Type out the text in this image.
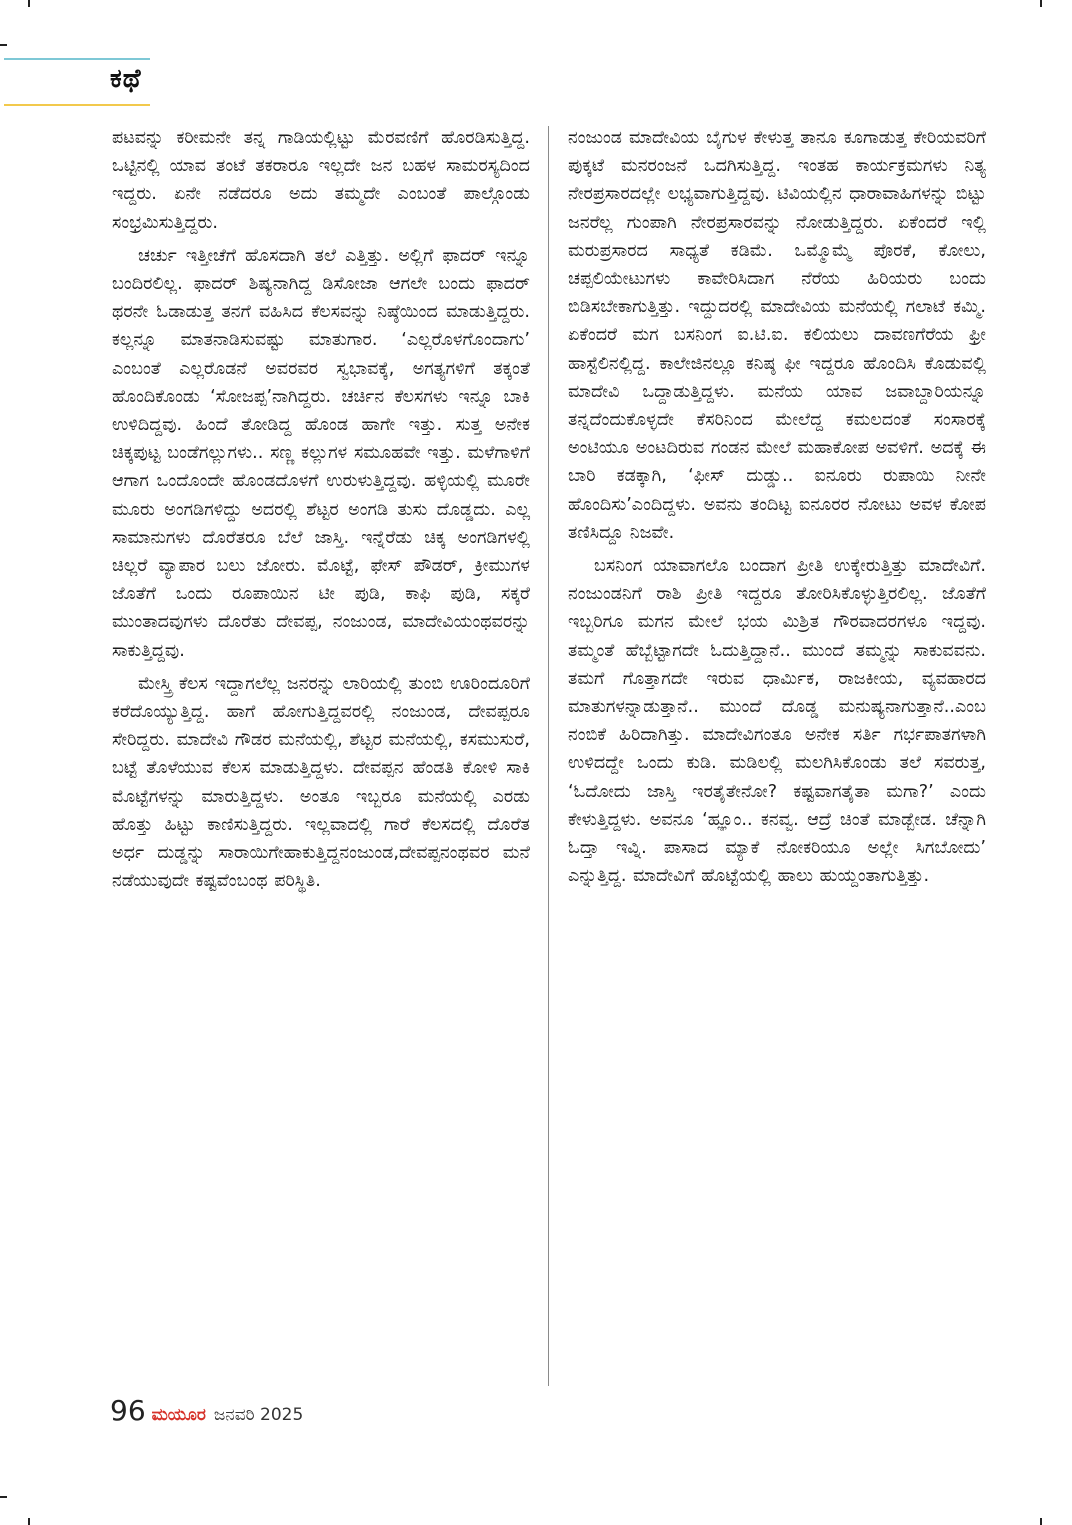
ಕಥೆ

ಪಟವನ್ನು ಕರೀಮನೇ ತನ್ನ ಗಾಡಿಯಲ್ಲಿಟ್ಟು ಮೆರವಣಿಗೆ ಹೊರಡಿಸುತ್ತಿದ್ದ. ಒಟ್ಟಿನಲ್ಲಿ ಯಾವ ತಂಟೆ ತಕರಾರೂ ಇಲ್ಲದೇ ಜನ ಬಹಳ ಸಾಮರಸ್ಯದಿಂದ ಇದ್ದರು. ಏನೇ ನಡೆದರೂ ಅದು ತಮ್ಮದೇ ಎಂಬಂತೆ ಪಾಲ್ಗೊಂಡು ಸಂಭ್ರಮಿಸುತ್ತಿದ್ದರು.

ಚರ್ಚು ಇತ್ತೀಚೆಗೆ ಹೊಸದಾಗಿ ತಲೆ ಎತ್ತಿತ್ತು. ಅಲ್ಲಿಗೆ ಫಾದರ್ ಇನ್ನೂ ಬಂದಿರಲಿಲ್ಲ. ಫಾದರ್ ಶಿಷ್ಯನಾಗಿದ್ದ ಡಿಸೋಜಾ ಆಗಲೇ ಬಂದು ಫಾದರ್ ಥರನೇ ಓಡಾಡುತ್ತ ತನಗೆ ವಹಿಸಿದ ಕೆಲಸವನ್ನು ನಿಷ್ಠೆಯಿಂದ ಮಾಡುತ್ತಿದ್ದರು. ಕಲ್ಲನ್ನೂ ಮಾತನಾಡಿಸುವಷ್ಟು ಮಾತುಗಾರ. ‘ಎಲ್ಲರೊಳಗೊಂದಾಗು’ ಎಂಬಂತೆ ಎಲ್ಲರೊಡನೆ ಅವರವರ ಸ್ವಭಾವಕ್ಕೆ, ಅಗತ್ಯಗಳಿಗೆ ತಕ್ಕಂತೆ ಹೊಂದಿಕೊಂಡು ‘ಸೋಜಪ್ಪ’ನಾಗಿದ್ದರು. ಚರ್ಚಿನ ಕೆಲಸಗಳು ಇನ್ನೂ ಬಾಕಿ ಉಳಿದಿದ್ದವು. ಹಿಂದೆ ತೋಡಿದ್ದ ಹೊಂಡ ಹಾಗೇ ಇತ್ತು. ಸುತ್ತ ಅನೇಕ ಚಿಕ್ಕಪುಟ್ಟ ಬಂಡೆಗಲ್ಲುಗಳು.. ಸಣ್ಣ ಕಲ್ಲುಗಳ ಸಮೂಹವೇ ಇತ್ತು. ಮಳೆಗಾಳಿಗೆ ಆಗಾಗ ಒಂದೊಂದೇ ಹೊಂಡದೊಳಗೆ ಉರುಳುತ್ತಿದ್ದವು. ಹಳ್ಳಿಯಲ್ಲಿ ಮೂರೇ ಮೂರು ಅಂಗಡಿಗಳಿದ್ದು ಅದರಲ್ಲಿ ಶೆಟ್ಟರ ಅಂಗಡಿ ತುಸು ದೊಡ್ಡದು. ಎಲ್ಲ ಸಾಮಾನುಗಳು ದೊರೆತರೂ ಬೆಲೆ ಜಾಸ್ತಿ. ಇನ್ನೆರೆಡು ಚಿಕ್ಕ ಅಂಗಡಿಗಳಲ್ಲಿ ಚಿಲ್ಲರೆ ವ್ಯಾಪಾರ ಬಲು ಜೋರು. ಮೊಟ್ಟೆ, ಫೇಸ್ ಪೌಡರ್, ಕ್ರೀಮುಗಳ ಜೊತೆಗೆ ಒಂದು ರೂಪಾಯಿನ ಟೀ ಪುಡಿ, ಕಾಫಿ ಪುಡಿ, ಸಕ್ಕರೆ ಮುಂತಾದವುಗಳು ದೊರೆತು ದೇವಪ್ಪ, ನಂಜುಂಡ, ಮಾದೇವಿಯಂಥವರನ್ನು ಸಾಕುತ್ತಿದ್ದವು.

ಮೇಸ್ತ್ರಿ ಕೆಲಸ ಇದ್ದಾಗಲೆಲ್ಲ ಜನರನ್ನು ಲಾರಿಯಲ್ಲಿ ತುಂಬಿ ಊರಿಂದೂರಿಗೆ ಕರೆದೊಯ್ಯುತ್ತಿದ್ದ. ಹಾಗೆ ಹೋಗುತ್ತಿದ್ದವರಲ್ಲಿ ನಂಜುಂಡ, ದೇವಪ್ಪರೂ ಸೇರಿದ್ದರು. ಮಾದೇವಿ ಗೌಡರ ಮನೆಯಲ್ಲಿ, ಶೆಟ್ಟರ ಮನೆಯಲ್ಲಿ, ಕಸಮುಸುರೆ, ಬಟ್ಟೆ ತೊಳೆಯುವ ಕೆಲಸ ಮಾಡುತ್ತಿದ್ದಳು. ದೇವಪ್ಪನ ಹೆಂಡತಿ ಕೋಳಿ ಸಾಕಿ ಮೊಟ್ಟೆಗಳನ್ನು ಮಾರುತ್ತಿದ್ದಳು. ಅಂತೂ ಇಬ್ಬರೂ ಮನೆಯಲ್ಲಿ ಎರಡು ಹೊತ್ತು ಹಿಟ್ಟು ಕಾಣಿಸುತ್ತಿದ್ದರು. ಇಲ್ಲವಾದಲ್ಲಿ ಗಾರೆ ಕೆಲಸದಲ್ಲಿ ದೊರೆತ ಅರ್ಧ ದುಡ್ಡನ್ನು ಸಾರಾಯಿಗೇಹಾಕುತ್ತಿದ್ದನಂಜುಂಡ,ದೇವಪ್ಪನಂಥವರ ಮನೆ ನಡೆಯುವುದೇ ಕಷ್ಟವೆಂಬಂಥ ಪರಿಸ್ಥಿತಿ.

ನಂಜುಂಡ ಮಾದೇವಿಯ ಬೈಗುಳ ಕೇಳುತ್ತ ತಾನೂ ಕೂಗಾಡುತ್ತ ಕೇರಿಯವರಿಗೆ ಪುಕ್ಕಟೆ ಮನರಂಜನೆ ಒದಗಿಸುತ್ತಿದ್ದ. ಇಂತಹ ಕಾರ್ಯಕ್ರಮಗಳು ನಿತ್ಯ ನೇರಪ್ರಸಾರದಲ್ಲೇ ಲಭ್ಯವಾಗುತ್ತಿದ್ದವು. ಟಿವಿಯಲ್ಲಿನ ಧಾರಾವಾಹಿಗಳನ್ನು ಬಿಟ್ಟು ಜನರೆಲ್ಲ ಗುಂಪಾಗಿ ನೇರಪ್ರಸಾರವನ್ನು ನೋಡುತ್ತಿದ್ದರು. ಏಕೆಂದರೆ ಇಲ್ಲಿ ಮರುಪ್ರಸಾರದ ಸಾಧ್ಯತೆ ಕಡಿಮೆ. ಒಮ್ಮೊಮ್ಮೆ ಪೊರಕೆ, ಕೋಲು, ಚಪ್ಪಲಿಯೇಟುಗಳು ಕಾವೇರಿಸಿದಾಗ ನೆರೆಯ ಹಿರಿಯರು ಬಂದು ಬಿಡಿಸಬೇಕಾಗುತ್ತಿತ್ತು. ಇದ್ದುದರಲ್ಲಿ ಮಾದೇವಿಯ ಮನೆಯಲ್ಲಿ ಗಲಾಟೆ ಕಮ್ಮಿ. ಏಕೆಂದರೆ ಮಗ ಬಸನಿಂಗ ಐ.ಟಿ.ಐ. ಕಲಿಯಲು ದಾವಣಗೆರೆಯ ಫ್ರೀ ಹಾಸ್ಟೆಲಿನಲ್ಲಿದ್ದ. ಕಾಲೇಜಿನಲ್ಲೂ ಕನಿಷ್ಠ ಫೀ ಇದ್ದರೂ ಹೊಂದಿಸಿ ಕೊಡುವಲ್ಲಿ ಮಾದೇವಿ ಒದ್ದಾಡುತ್ತಿದ್ದಳು. ಮನೆಯ ಯಾವ ಜವಾಬ್ದಾರಿಯನ್ನೂ ತನ್ನದೆಂದುಕೊಳ್ಳದೇ ಕೆಸರಿನಿಂದ ಮೇಲೆದ್ದ ಕಮಲದಂತೆ ಸಂಸಾರಕ್ಕೆ ಅಂಟಿಯೂ ಅಂಟದಿರುವ ಗಂಡನ ಮೇಲೆ ಮಹಾಕೋಪ ಅವಳಿಗೆ. ಅದಕ್ಕೆ ಈ ಬಾರಿ ಕಡಕ್ಕಾಗಿ, ‘ಫೀಸ್ ದುಡ್ಡು.. ಐನೂರು ರುಪಾಯಿ ನೀನೇ ಹೊಂದಿಸು’ಎಂದಿದ್ದಳು. ಅವನು ತಂದಿಟ್ಟ ಐನೂರರ ನೋಟು ಅವಳ ಕೋಪ ತಣಿಸಿದ್ದೂ ನಿಜವೇ.

ಬಸನಿಂಗ ಯಾವಾಗಲೊ ಬಂದಾಗ ಪ್ರೀತಿ ಉಕ್ಕೇರುತ್ತಿತ್ತು ಮಾದೇವಿಗೆ. ನಂಜುಂಡನಿಗೆ ರಾಶಿ ಪ್ರೀತಿ ಇದ್ದರೂ ತೋರಿಸಿಕೊಳ್ಳುತ್ತಿರಲಿಲ್ಲ. ಜೊತೆಗೆ ಇಬ್ಬರಿಗೂ ಮಗನ ಮೇಲೆ ಭಯ ಮಿಶ್ರಿತ ಗೌರವಾದರಗಳೂ ಇದ್ದವು. ತಮ್ಮಂತೆ ಹೆಬ್ಬೆಟ್ಟಾಗದೇ ಓದುತ್ತಿದ್ದಾನೆ.. ಮುಂದೆ ತಮ್ಮನ್ನು ಸಾಕುವವನು. ತಮಗೆ ಗೊತ್ತಾಗದೇ ಇರುವ ಧಾರ್ಮಿಕ, ರಾಜಕೀಯ, ವ್ಯವಹಾರದ ಮಾತುಗಳನ್ನಾಡುತ್ತಾನೆ.. ಮುಂದೆ ದೊಡ್ಡ ಮನುಷ್ಯನಾಗುತ್ತಾನೆ..ಎಂಬ ನಂಬಿಕೆ ಹಿರಿದಾಗಿತ್ತು. ಮಾದೇವಿಗಂತೂ ಅನೇಕ ಸರ್ತಿ ಗರ್ಭಪಾತಗಳಾಗಿ ಉಳಿದದ್ದೇ ಒಂದು ಕುಡಿ. ಮಡಿಲಲ್ಲಿ ಮಲಗಿಸಿಕೊಂಡು ತಲೆ ಸವರುತ್ತ, ‘ಓದೋದು ಜಾಸ್ತಿ ಇರತೈತೇನೋ? ಕಷ್ಟವಾಗತೈತಾ ಮಗಾ?’ ಎಂದು ಕೇಳುತ್ತಿದ್ದಳು. ಅವನೂ ‘ಹ್ಞೂಂ.. ಕನವ್ವ. ಆದ್ರೆ ಚಿಂತೆ ಮಾಡ್ಬೇಡ. ಚೆನ್ನಾಗಿ ಓದ್ತಾ ಇವ್ನಿ. ಪಾಸಾದ ಮ್ಯಾಕೆ ನೋಕರಿಯೂ ಅಲ್ಲೇ ಸಿಗಬೋದು’ ಎನ್ನುತ್ತಿದ್ದ. ಮಾದೇವಿಗೆ ಹೊಟ್ಟೆಯಲ್ಲಿ ಹಾಲು ಹುಯ್ದಂತಾಗುತ್ತಿತ್ತು.

96 ಮಯೂರ ಜನವರಿ 2025
